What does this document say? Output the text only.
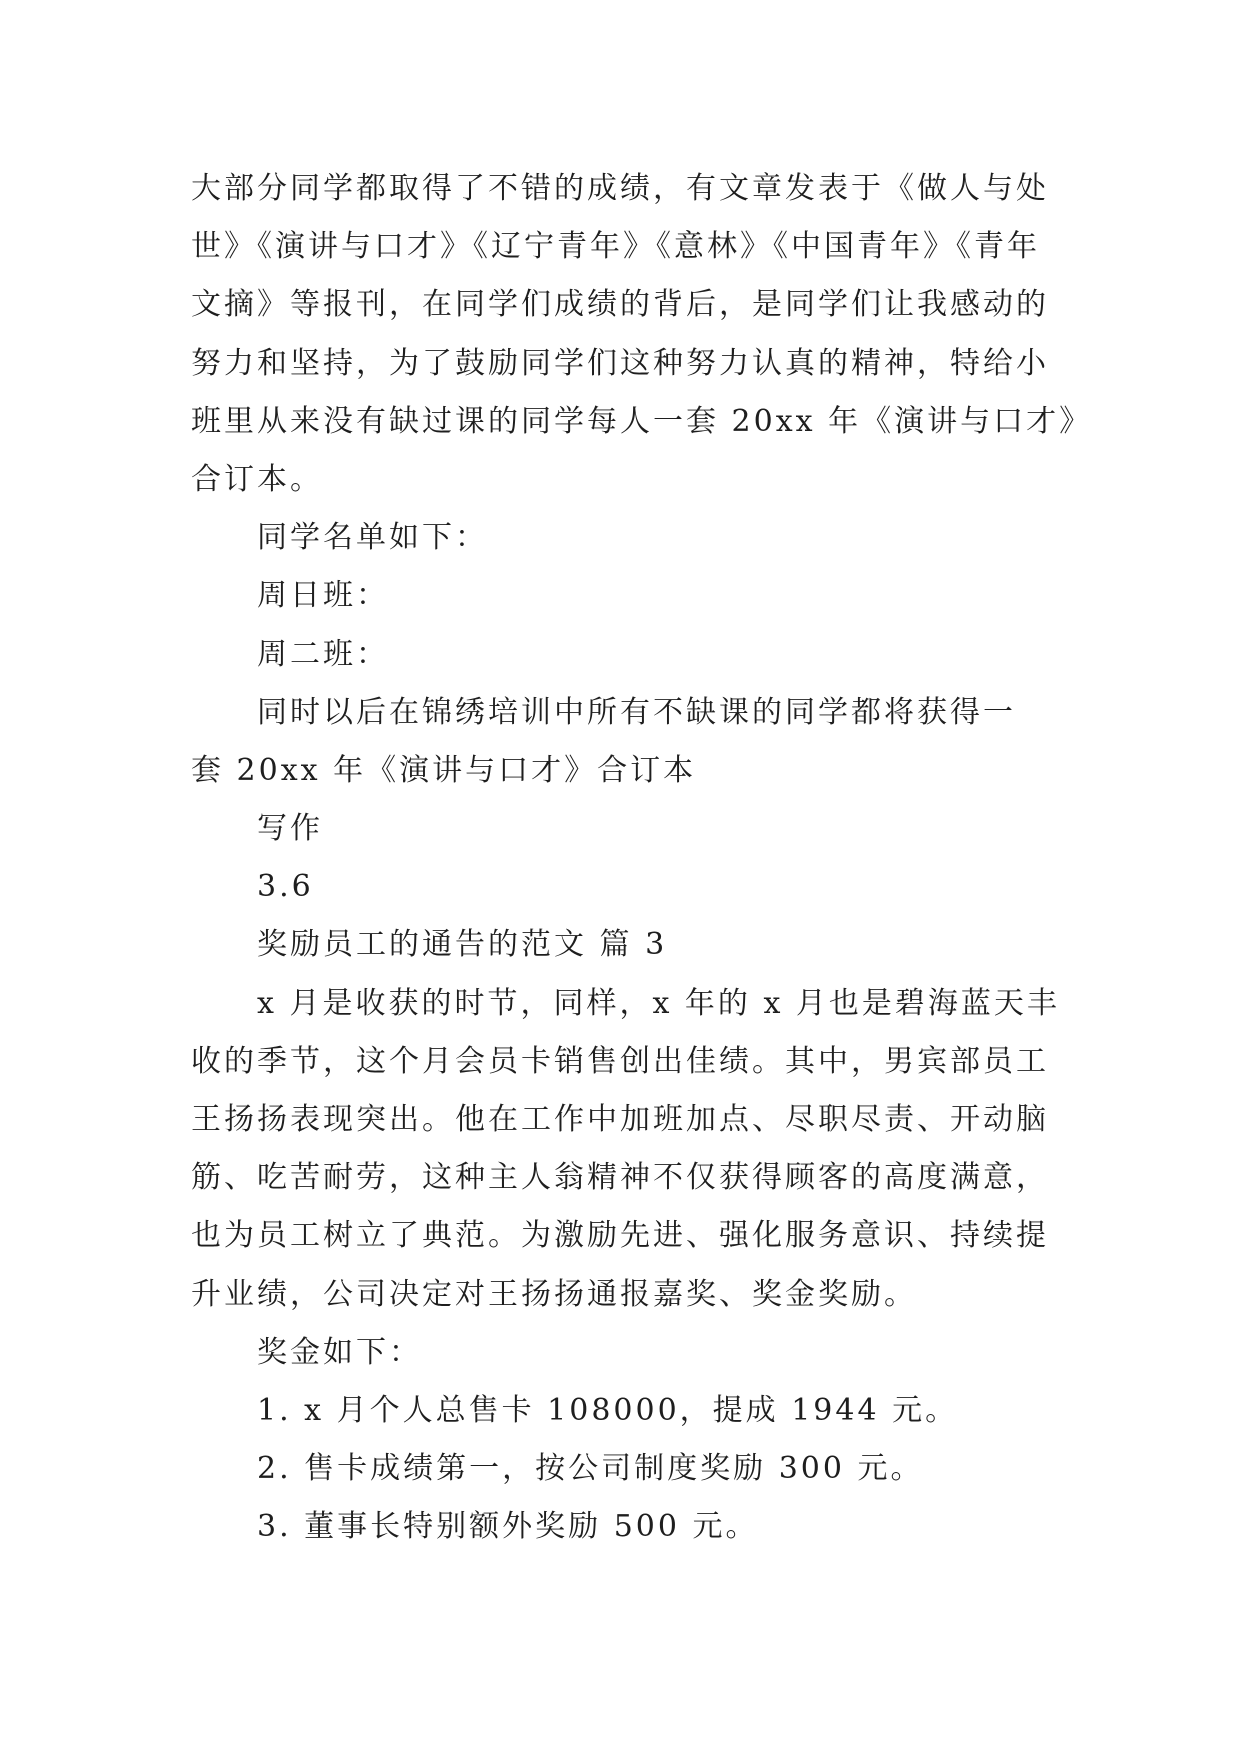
大部分同学都取得了不错的成绩，有文章发表于《做人与处
世》《演讲与口才》《辽宁青年》《意林》《中国青年》《青年
文摘》等报刊，在同学们成绩的背后，是同学们让我感动的
努力和坚持，为了鼓励同学们这种努力认真的精神，特给小
班里从来没有缺过课的同学每人一套 20xx 年《演讲与口才》
合订本。
同学名单如下：
周日班：
周二班：
同时以后在锦绣培训中所有不缺课的同学都将获得一
套 20xx 年《演讲与口才》合订本
写作
3.6
奖励员工的通告的范文 篇 3
x 月是收获的时节，同样，x 年的 x 月也是碧海蓝天丰
收的季节，这个月会员卡销售创出佳绩。其中，男宾部员工
王扬扬表现突出。他在工作中加班加点、尽职尽责、开动脑
筋、吃苦耐劳，这种主人翁精神不仅获得顾客的高度满意，
也为员工树立了典范。为激励先进、强化服务意识、持续提
升业绩，公司决定对王扬扬通报嘉奖、奖金奖励。
奖金如下：
1. x 月个人总售卡 108000，提成 1944 元。
2. 售卡成绩第一，按公司制度奖励 300 元。
3. 董事长特别额外奖励 500 元。
